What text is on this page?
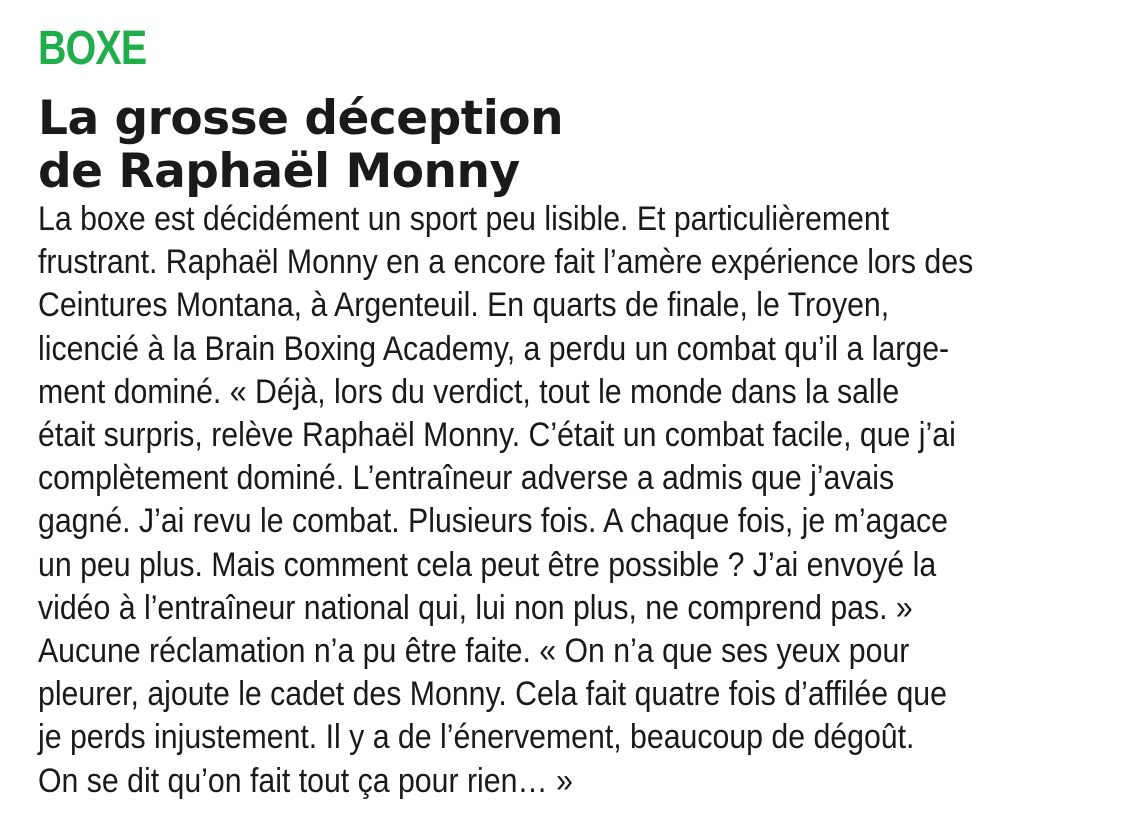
BOXE
La grosse déception
de Raphaël Monny
La boxe est décidément un sport peu lisible. Et particulièrement
frustrant. Raphaël Monny en a encore fait l’amère expérience lors des
Ceintures Montana, à Argenteuil. En quarts de finale, le Troyen,
licencié à la Brain Boxing Academy, a perdu un combat qu’il a large-
ment dominé. « Déjà, lors du verdict, tout le monde dans la salle
était surpris, relève Raphaël Monny. C’était un combat facile, que j’ai
complètement dominé. L’entraîneur adverse a admis que j’avais
gagné. J’ai revu le combat. Plusieurs fois. A chaque fois, je m’agace
un peu plus. Mais comment cela peut être possible ? J’ai envoyé la
vidéo à l’entraîneur national qui, lui non plus, ne comprend pas. »
Aucune réclamation n’a pu être faite. « On n’a que ses yeux pour
pleurer, ajoute le cadet des Monny. Cela fait quatre fois d’affilée que
je perds injustement. Il y a de l’énervement, beaucoup de dégoût.
On se dit qu’on fait tout ça pour rien… »
